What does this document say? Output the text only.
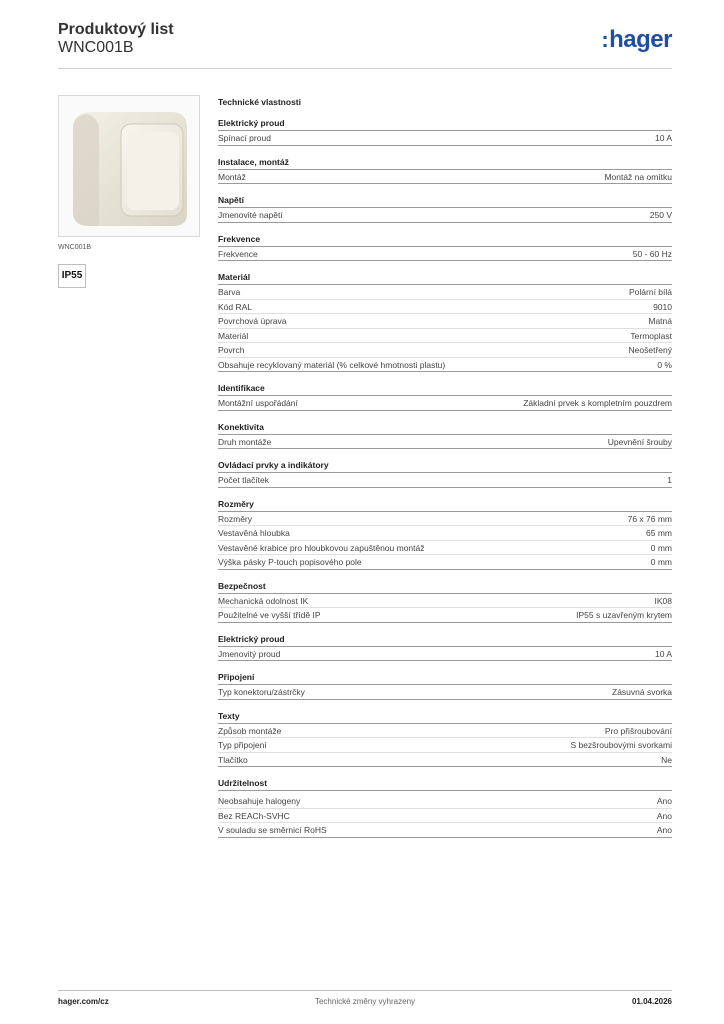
Produktový list
WNC001B	:hager
WNC001B
IP55
Technické vlastnosti
Elektrický proud
Spínací proud	10 A
Instalace, montáž
Montáž	Montáž na omítku
Napětí
Jmenovité napětí	250 V
Frekvence
Frekvence	50 - 60 Hz
Materiál
Barva	Polární bílá
Kód RAL	9010
Povrchová úprava	Matná
Materiál	Termoplast
Povrch	Neošetřený
Obsahuje recyklovaný materiál (% celkové hmotnosti plastu)	0 %
Identifikace
Montážní uspořádání	Základní prvek s kompletním pouzdrem
Konektivita
Druh montáže	Upevnění šrouby
Ovládací prvky a indikátory
Počet tlačítek	1
Rozměry
Rozměry	76 x 76 mm
Vestavěná hloubka	65 mm
Vestavěné krabice pro hloubkovou zapuštěnou montáž	0 mm
Výška pásky P-touch popisového pole	0 mm
Bezpečnost
Mechanická odolnost IK	IK08
Použitelné ve vyšší třídě IP	IP55 s uzavřeným krytem
Elektrický proud
Jmenovitý proud	10 A
Připojení
Typ konektoru/zástrčky	Zásuvná svorka
Texty
Způsob montáže	Pro přišroubování
Typ připojení	S bezšroubovými svorkami
Tlačítko	Ne
Udržitelnost
Neobsahuje halogeny	Ano
Bez REACh-SVHC	Ano
V souladu se směrnicí RoHS	Ano
hager.com/cz	Technické změny vyhrazeny	01.04.2026
